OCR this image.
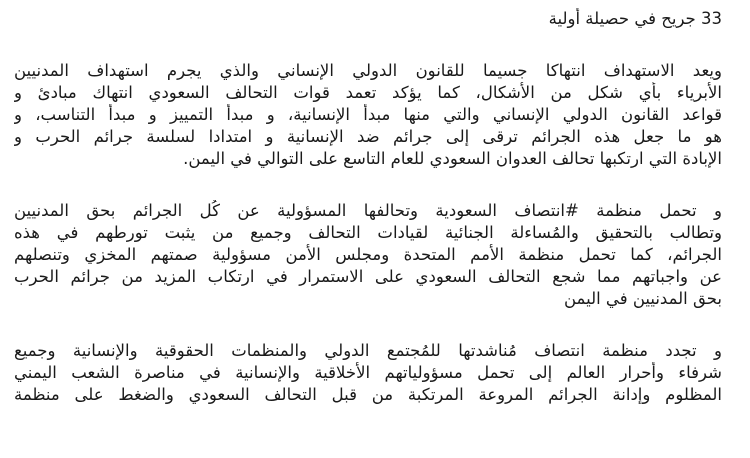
33 جريح في حصيلة أولية
ويعد الاستهداف انتهاكا جسيما للقانون الدولي الإنساني والذي يجرم استهداف المدنيين
الأبرياء بأي شكل من الأشكال، كما يؤكد تعمد قوات التحالف السعودي انتهاك مبادئ و
قواعد القانون الدولي الإنساني والتي منها مبدأ الإنسانية، و مبدأ التمييز و مبدأ التناسب، و
هو ما جعل هذه الجرائم ترقى إلى جرائم ضد الإنسانية و امتدادا لسلسة جرائم الحرب و
الإبادة التي ارتكبها تحالف العدوان السعودي للعام التاسع على التوالي في اليمن.
و تحمل منظمة #انتصاف السعودية وتحالفها المسؤولية عن كُل الجرائم بحق المدنيين
وتطالب بالتحقيق والمُساءلة الجنائية لقيادات التحالف وجميع من يثبت تورطهم في هذه
الجرائم، كما تحمل منظمة الأمم المتحدة ومجلس الأمن مسؤولية صمتهم المخزي وتنصلهم
عن واجباتهم مما شجع التحالف السعودي على الاستمرار في ارتكاب المزيد من جرائم الحرب
بحق المدنيين في اليمن
و تجدد منظمة انتصاف مُناشدتها للمُجتمع الدولي والمنظمات الحقوقية والإنسانية وجميع
شرفاء وأحرار العالم إلى تحمل مسؤولياتهم الأخلاقية والإنسانية في مناصرة الشعب اليمني
المظلوم وإدانة الجرائم المروعة المرتكبة من قبل التحالف السعودي والضغط على منظمة
